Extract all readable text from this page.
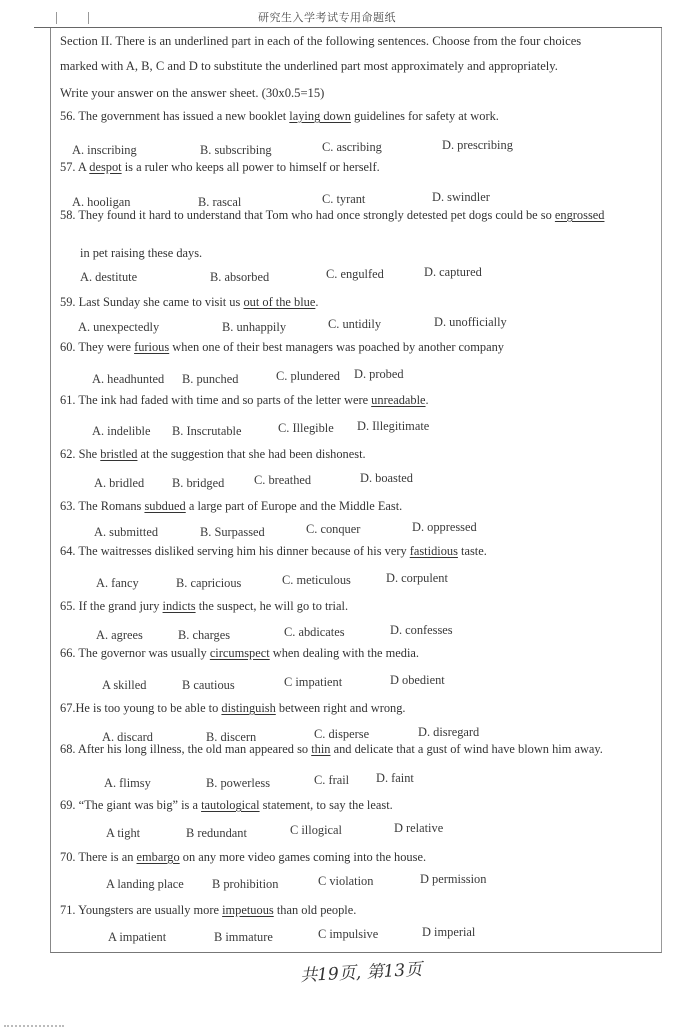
研究生入学考试专用命题纸
Section II. There is an underlined part in each of the following sentences. Choose from the four choices
marked with A, B, C and D to substitute the underlined part most approximately and appropriately.
Write your answer on the answer sheet. (30x0.5=15)
56. The government has issued a new booklet laying down guidelines for safety at work.
A. inscribing	B. subscribing	C. ascribing	D. prescribing
57. A despot is a ruler who keeps all power to himself or herself.
A. hooligan	B. rascal	C. tyrant	D. swindler
58. They found it hard to understand that Tom who had once strongly detested pet dogs could be so engrossed
in pet raising these days.
A. destitute	B. absorbed	C. engulfed	D. captured
59. Last Sunday she came to visit us out of the blue.
A. unexpectedly	B. unhappily	C. untidily	D. unofficially
60. They were furious when one of their best managers was poached by another company
A. headhunted B. punched	C. plundered D. probed
61. The ink had faded with time and so parts of the letter were unreadable.
A. indelible B. Inscrutable	C. Illegible D. Illegitimate
62. She bristled at the suggestion that she had been dishonest.
A. bridled B. bridged C. breathed	D. boasted
63. The Romans subdued a large part of Europe and the Middle East.
A. submitted	B. Surpassed	C. conquer	D. oppressed
64. The waitresses disliked serving him his dinner because of his very fastidious taste.
A. fancy	B. capricious	C. meticulous	D. corpulent
65. If the grand jury indicts the suspect, he will go to trial.
A. agrees	B. charges	C. abdicates	D. confesses
66. The governor was usually circumspect when dealing with the media.
A skilled	B cautious	C impatient	D obedient
67.He is too young to be able to distinguish between right and wrong.
A. discard	B. discern	C. disperse	D. disregard
68. After his long illness, the old man appeared so thin and delicate that a gust of wind have blown him away.
A. flimsy	B. powerless	C. frail D. faint
69. “The giant was big” is a tautological statement, to say the least.
A tight	B redundant	C illogical	D relative
70. There is an embargo on any more video games coming into the house.
A landing place B prohibition	C violation	D permission
71. Youngsters are usually more impetuous than old people.
A impatient	B immature	C impulsive	D imperial
共19页, 第13页
